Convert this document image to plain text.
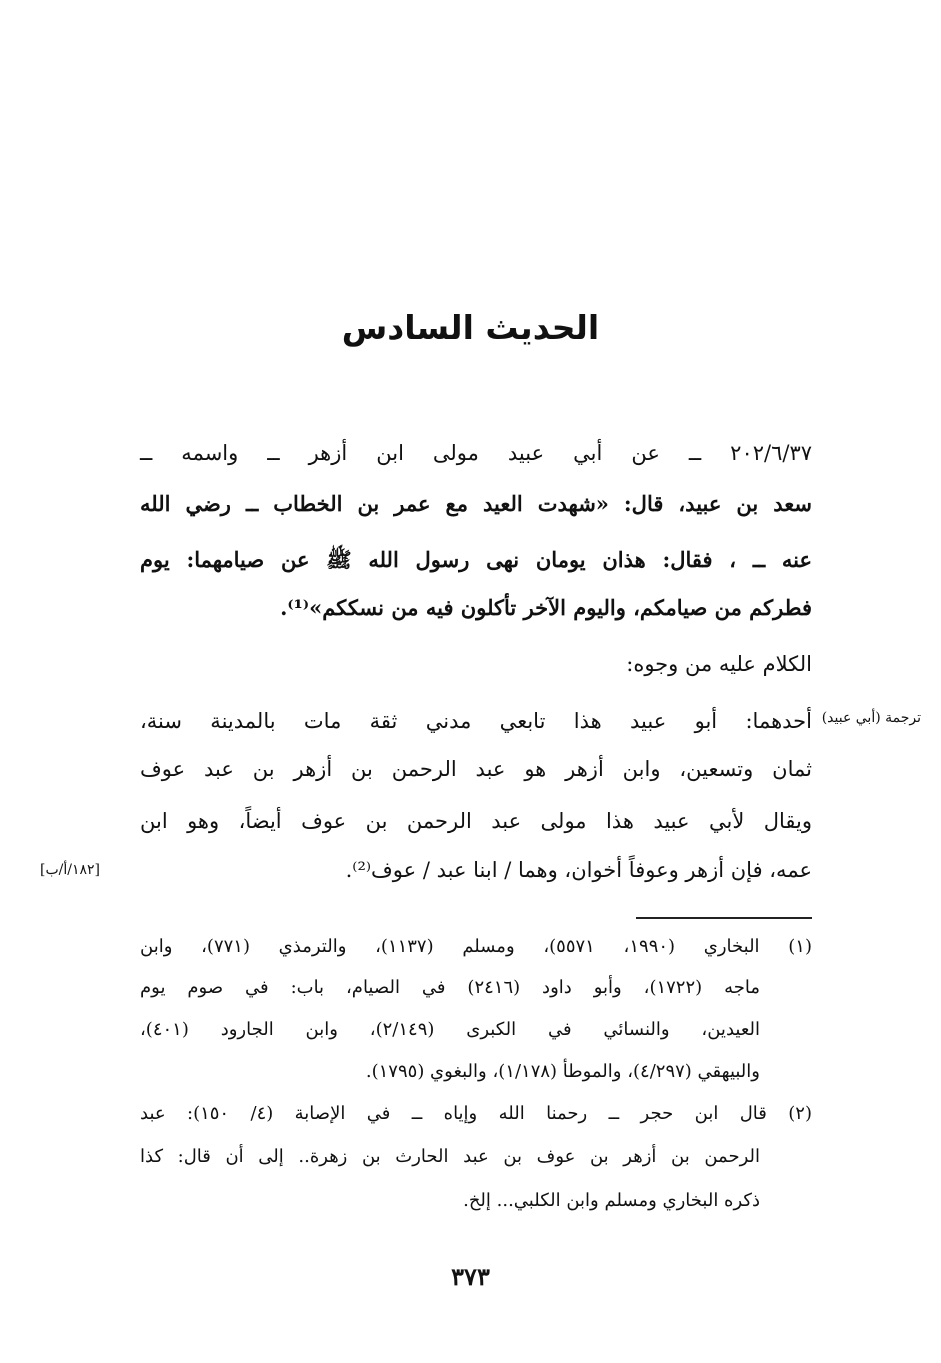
الحديث السادس

٢٠٢/٦/٣٧ ــ عن أبي عبيد مولى ابن أزهر ــ واسمه ــ

سعد بن عبيد، قال: «شهدت العيد مع عمر بن الخطاب ــ رضي الله

عنه ــ ، فقال: هذان يومان نهى رسول الله ﷺ عن صيامهما: يوم

فطركم من صيامكم، واليوم الآخر تأكلون فيه من نسككم»⁽¹⁾.

الكلام عليه من وجوه:

أحدهما: أبو عبيد هذا تابعي مدني ثقة مات بالمدينة سنة،

ثمان وتسعين، وابن أزهر هو عبد الرحمن بن أزهر بن عبد عوف

ويقال لأبي عبيد هذا مولى عبد الرحمن بن عوف أيضاً، وهو ابن

عمه، فإن أزهر وعوفاً أخوان، وهما / ابنا عبد / عوف⁽²⁾.

ترجمة (أبي عبيد)
[١٨٢/أ/ب]

(١) البخاري (١٩٩٠، ٥٥٧١)، ومسلم (١١٣٧)، والترمذي (٧٧١)، وابن

ماجه (١٧٢٢)، وأبو داود (٢٤١٦) في الصيام، باب: في صوم يوم

العيدين، والنسائي في الكبرى (٢/١٤٩)، وابن الجارود (٤٠١)،

والبيهقي (٤/٢٩٧)، والموطأ (١/١٧٨)، والبغوي (١٧٩٥).

(٢) قال ابن حجر ــ رحمنا الله وإياه ــ في الإصابة (٤/ ١٥٠): عبد

الرحمن بن أزهر بن عوف بن عبد الحارث بن زهرة.. إلى أن قال: كذا

ذكره البخاري ومسلم وابن الكلبي... إلخ.

٣٧٣
